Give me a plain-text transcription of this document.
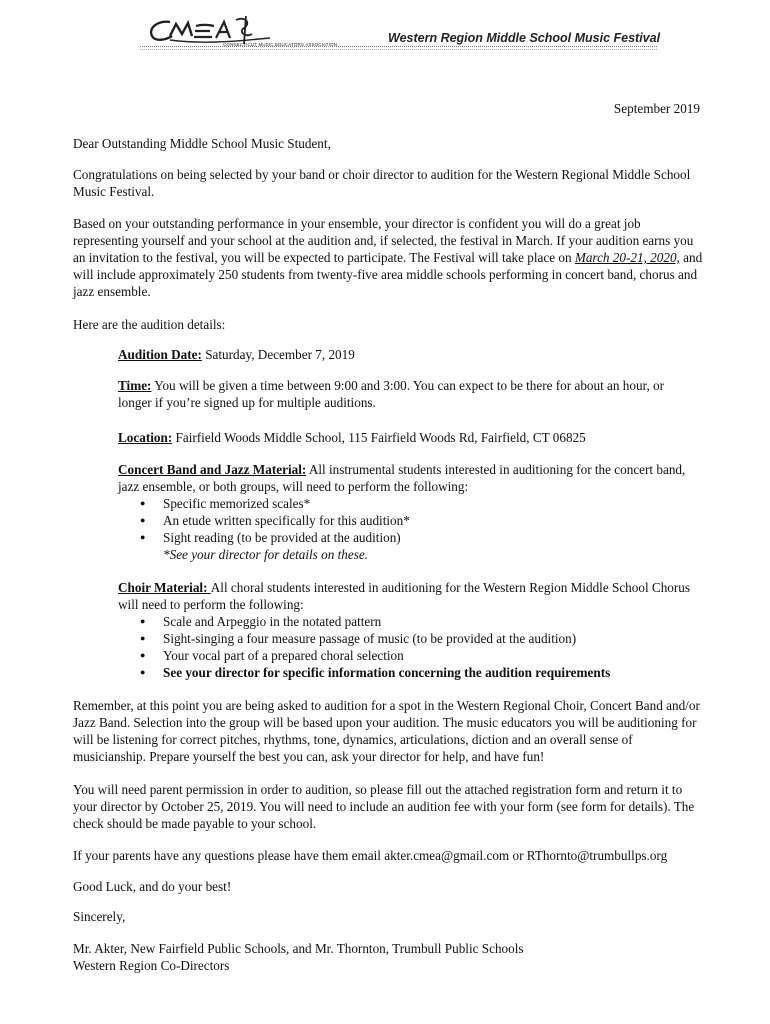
CONNECTICUT MUSIC EDUCATORS ASSOCIATION	Western Region Middle School Music Festival
September 2019

Dear Outstanding Middle School Music Student,

Congratulations on being selected by your band or choir director to audition for the Western Regional Middle School Music Festival.

Based on your outstanding performance in your ensemble, your director is confident you will do a great job representing yourself and your school at the audition and, if selected, the festival in March. If your audition earns you an invitation to the festival, you will be expected to participate. The Festival will take place on March 20-21, 2020, and will include approximately 250 students from twenty-five area middle schools performing in concert band, chorus and jazz ensemble.

Here are the audition details:

Audition Date: Saturday, December 7, 2019

Time: You will be given a time between 9:00 and 3:00. You can expect to be there for about an hour, or longer if you’re signed up for multiple auditions.

Location: Fairfield Woods Middle School, 115 Fairfield Woods Rd, Fairfield, CT 06825

Concert Band and Jazz Material: All instrumental students interested in auditioning for the concert band, jazz ensemble, or both groups, will need to perform the following:
● Specific memorized scales*
● An etude written specifically for this audition*
● Sight reading (to be provided at the audition)
*See your director for details on these.
Choir Material: All choral students interested in auditioning for the Western Region Middle School Chorus will need to perform the following:
● Scale and Arpeggio in the notated pattern
● Sight-singing a four measure passage of music (to be provided at the audition)
● Your vocal part of a prepared choral selection
● See your director for specific information concerning the audition requirements

Remember, at this point you are being asked to audition for a spot in the Western Regional Choir, Concert Band and/or Jazz Band. Selection into the group will be based upon your audition. The music educators you will be auditioning for will be listening for correct pitches, rhythms, tone, dynamics, articulations, diction and an overall sense of musicianship. Prepare yourself the best you can, ask your director for help, and have fun!

You will need parent permission in order to audition, so please fill out the attached registration form and return it to your director by October 25, 2019. You will need to include an audition fee with your form (see form for details). The check should be made payable to your school.

If your parents have any questions please have them email akter.cmea@gmail.com or RThornto@trumbullps.org

Good Luck, and do your best!

Sincerely,

Mr. Akter, New Fairfield Public Schools, and Mr. Thornton, Trumbull Public Schools

Western Region Co-Directors
